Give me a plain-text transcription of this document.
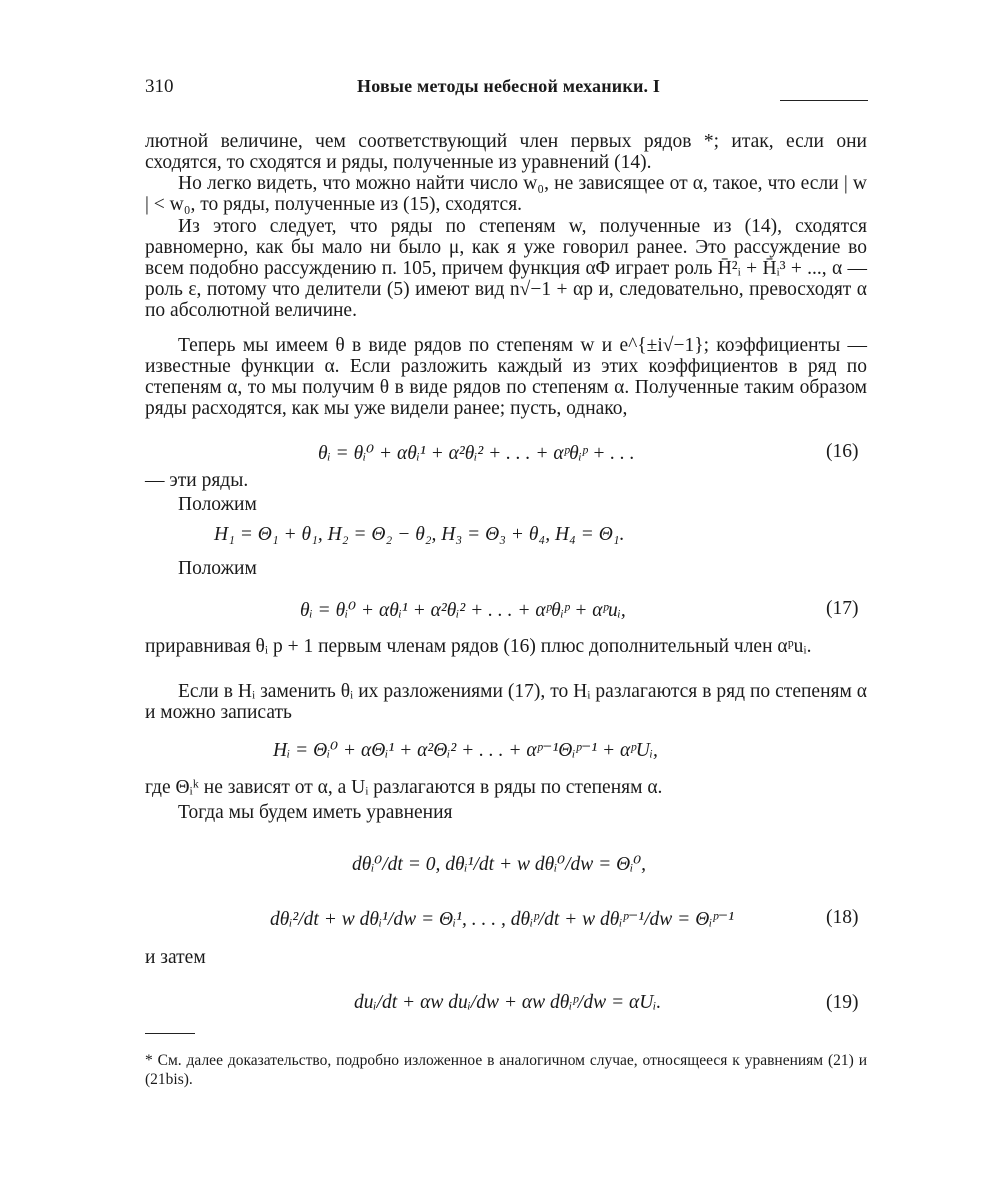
310	Новые методы небесной механики. I
лютной величине, чем соответствующий член первых рядов *; итак, если они сходятся, то сходятся и ряды, полученные из уравнений (14).
Но легко видеть, что можно найти число w₀, не зависящее от α, такое, что если | w | < w₀, то ряды, полученные из (15), сходятся.
Из этого следует, что ряды по степеням w, полученные из (14), сходятся равномерно, как бы мало ни было μ, как я уже говорил ранее. Это рассуждение во всем подобно рассуждению п. 105, причем функция αΦ играет роль H̄²ᵢ + H̄ᵢ³ + ..., α — роль ε, потому что делители (5) имеют вид n√−1 + αp и, следовательно, превосходят α по абсолютной величине.
Теперь мы имеем θ в виде рядов по степеням w и e^{±i√−1}; коэффициенты — известные функции α. Если разложить каждый из этих коэффициентов в ряд по степеням α, то мы получим θ в виде рядов по степеням α. Полученные таким образом ряды расходятся, как мы уже видели ранее; пусть, однако,
θᵢ = θᵢ⁰ + αθᵢ¹ + α²θᵢ² + . . . + αᵖθᵢᵖ + . . .	(16)
— эти ряды.
Положим
H₁ = Θ₁ + θ₁, H₂ = Θ₂ − θ₂, H₃ = Θ₃ + θ₄, H₄ = Θ₁.
Положим
θᵢ = θᵢ⁰ + αθᵢ¹ + α²θᵢ² + . . . + αᵖθᵢᵖ + αᵖuᵢ,	(17)
приравнивая θᵢ p + 1 первым членам рядов (16) плюс дополнительный член αᵖuᵢ.
Если в Hᵢ заменить θᵢ их разложениями (17), то Hᵢ разлагаются в ряд по степеням α и можно записать
Hᵢ = Θᵢ⁰ + αΘᵢ¹ + α²Θᵢ² + . . . + αᵖ⁻¹Θᵢᵖ⁻¹ + αᵖUᵢ,
где Θᵢᵏ не зависят от α, а Uᵢ разлагаются в ряды по степеням α.
Тогда мы будем иметь уравнения
dθᵢ⁰/dt = 0, dθᵢ¹/dt + w dθᵢ⁰/dw = Θᵢ⁰,
dθᵢ²/dt + w dθᵢ¹/dw = Θᵢ¹, . . . , dθᵢᵖ/dt + w dθᵢᵖ⁻¹/dw = Θᵢᵖ⁻¹	(18)
и затем
duᵢ/dt + αw duᵢ/dw + αw dθᵢᵖ/dw = αUᵢ.	(19)
* См. далее доказательство, подробно изложенное в аналогичном случае, относящееся к уравнениям (21) и (21bis).
